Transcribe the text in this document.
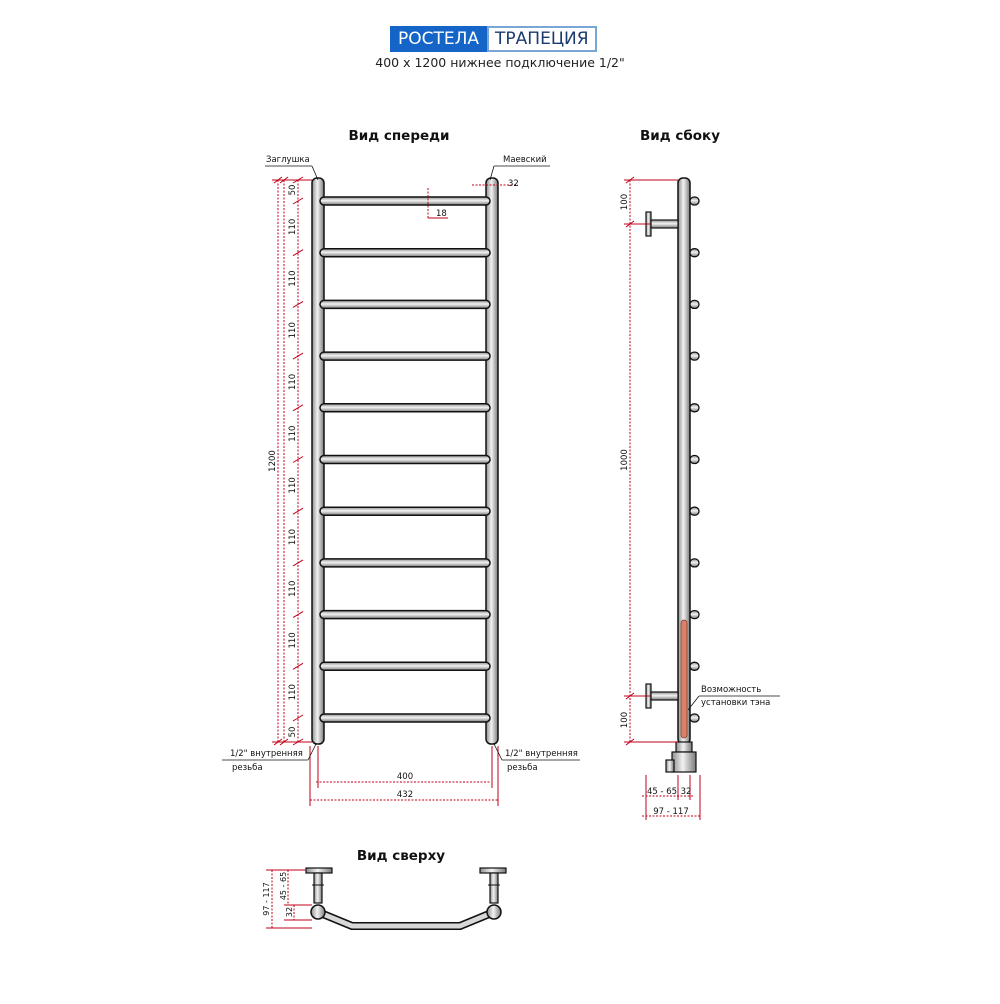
РОСТЕЛА ТРАПЕЦИЯ
400 х 1200 нижнее подключение 1/2"
Вид спереди	Вид сбоку
Вид сверху
1200
50
50
110
110
110
110
110
110
110
110
110
110
32
18
400
432
Заглушка	Маевский
1/2" внутренняя
резьба
1/2" внутренняя
резьба
100
1000
100
45 - 65 32
97 - 117
Возможность
установки тэна
97 - 117 45 - 65
32
